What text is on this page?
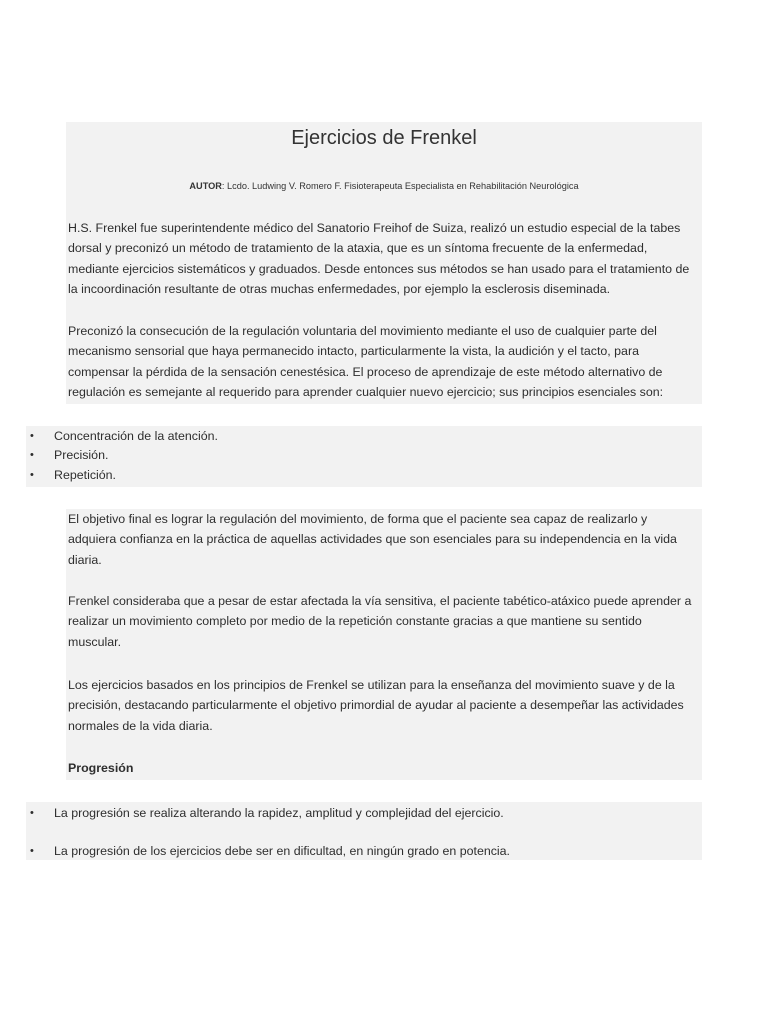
Ejercicios de Frenkel
AUTOR: Lcdo. Ludwing V. Romero F. Fisioterapeuta Especialista en Rehabilitación Neurológica

H.S. Frenkel fue superintendente médico del Sanatorio Freihof de Suiza, realizó un estudio especial de la tabes
dorsal y preconizó un método de tratamiento de la ataxia, que es un síntoma frecuente de la enfermedad,
mediante ejercicios sistemáticos y graduados. Desde entonces sus métodos se han usado para el tratamiento de
la incoordinación resultante de otras muchas enfermedades, por ejemplo la esclerosis diseminada.

Preconizó la consecución de la regulación voluntaria del movimiento mediante el uso de cualquier parte del
mecanismo sensorial que haya permanecido intacto, particularmente la vista, la audición y el tacto, para
compensar la pérdida de la sensación cenestésica. El proceso de aprendizaje de este método alternativo de
regulación es semejante al requerido para aprender cualquier nuevo ejercicio; sus principios esenciales son:

• Concentración de la atención.
• Precisión.
• Repetición.

El objetivo final es lograr la regulación del movimiento, de forma que el paciente sea capaz de realizarlo y
adquiera confianza en la práctica de aquellas actividades que son esenciales para su independencia en la vida
diaria.

Frenkel consideraba que a pesar de estar afectada la vía sensitiva, el paciente tabético-atáxico puede aprender a
realizar un movimiento completo por medio de la repetición constante gracias a que mantiene su sentido
muscular.

Los ejercicios basados en los principios de Frenkel se utilizan para la enseñanza del movimiento suave y de la
precisión, destacando particularmente el objetivo primordial de ayudar al paciente a desempeñar las actividades
normales de la vida diaria.

Progresión
• La progresión se realiza alterando la rapidez, amplitud y complejidad del ejercicio.
• La progresión de los ejercicios debe ser en dificultad, en ningún grado en potencia.
